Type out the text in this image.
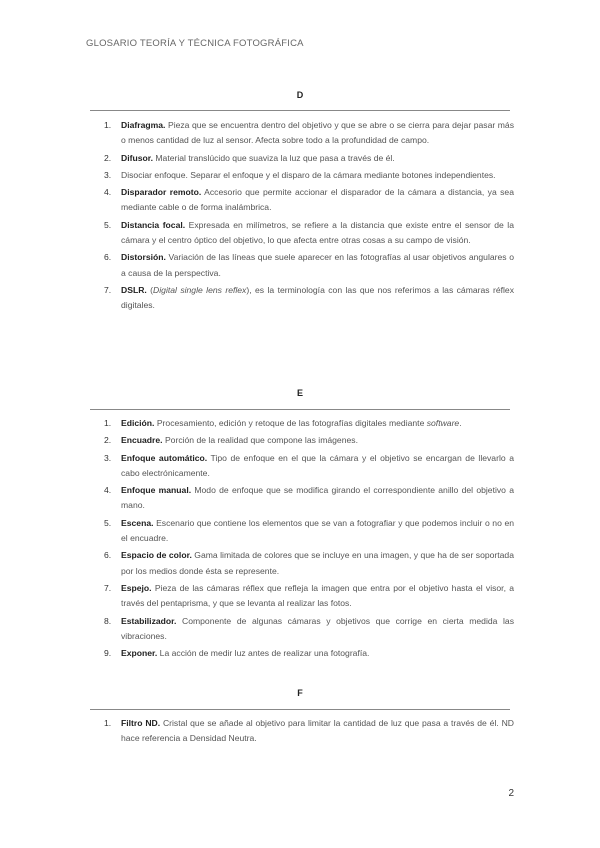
GLOSARIO TEORÍA Y TÉCNICA FOTOGRÁFICA
D
1. Diafragma. Pieza que se encuentra dentro del objetivo y que se abre o se cierra para dejar pasar más o menos cantidad de luz al sensor. Afecta sobre todo a la profundidad de campo.
2. Difusor. Material translúcido que suaviza la luz que pasa a través de él.
3. Disociar enfoque. Separar el enfoque y el disparo de la cámara mediante botones independientes.
4. Disparador remoto. Accesorio que permite accionar el disparador de la cámara a distancia, ya sea mediante cable o de forma inalámbrica.
5. Distancia focal. Expresada en milímetros, se refiere a la distancia que existe entre el sensor de la cámara y el centro óptico del objetivo, lo que afecta entre otras cosas a su campo de visión.
6. Distorsión. Variación de las líneas que suele aparecer en las fotografías al usar objetivos angulares o a causa de la perspectiva.
7. DSLR. (Digital single lens reflex), es la terminología con las que nos referimos a las cámaras réflex digitales.
E
1. Edición. Procesamiento, edición y retoque de las fotografías digitales mediante software.
2. Encuadre. Porción de la realidad que compone las imágenes.
3. Enfoque automático. Tipo de enfoque en el que la cámara y el objetivo se encargan de llevarlo a cabo electrónicamente.
4. Enfoque manual. Modo de enfoque que se modifica girando el correspondiente anillo del objetivo a mano.
5. Escena. Escenario que contiene los elementos que se van a fotografiar y que podemos incluir o no en el encuadre.
6. Espacio de color. Gama limitada de colores que se incluye en una imagen, y que ha de ser soportada por los medios donde ésta se represente.
7. Espejo. Pieza de las cámaras réflex que refleja la imagen que entra por el objetivo hasta el visor, a través del pentaprisma, y que se levanta al realizar las fotos.
8. Estabilizador. Componente de algunas cámaras y objetivos que corrige en cierta medida las vibraciones.
9. Exponer. La acción de medir luz antes de realizar una fotografía.
F
1. Filtro ND. Cristal que se añade al objetivo para limitar la cantidad de luz que pasa a través de él. ND hace referencia a Densidad Neutra.
2
